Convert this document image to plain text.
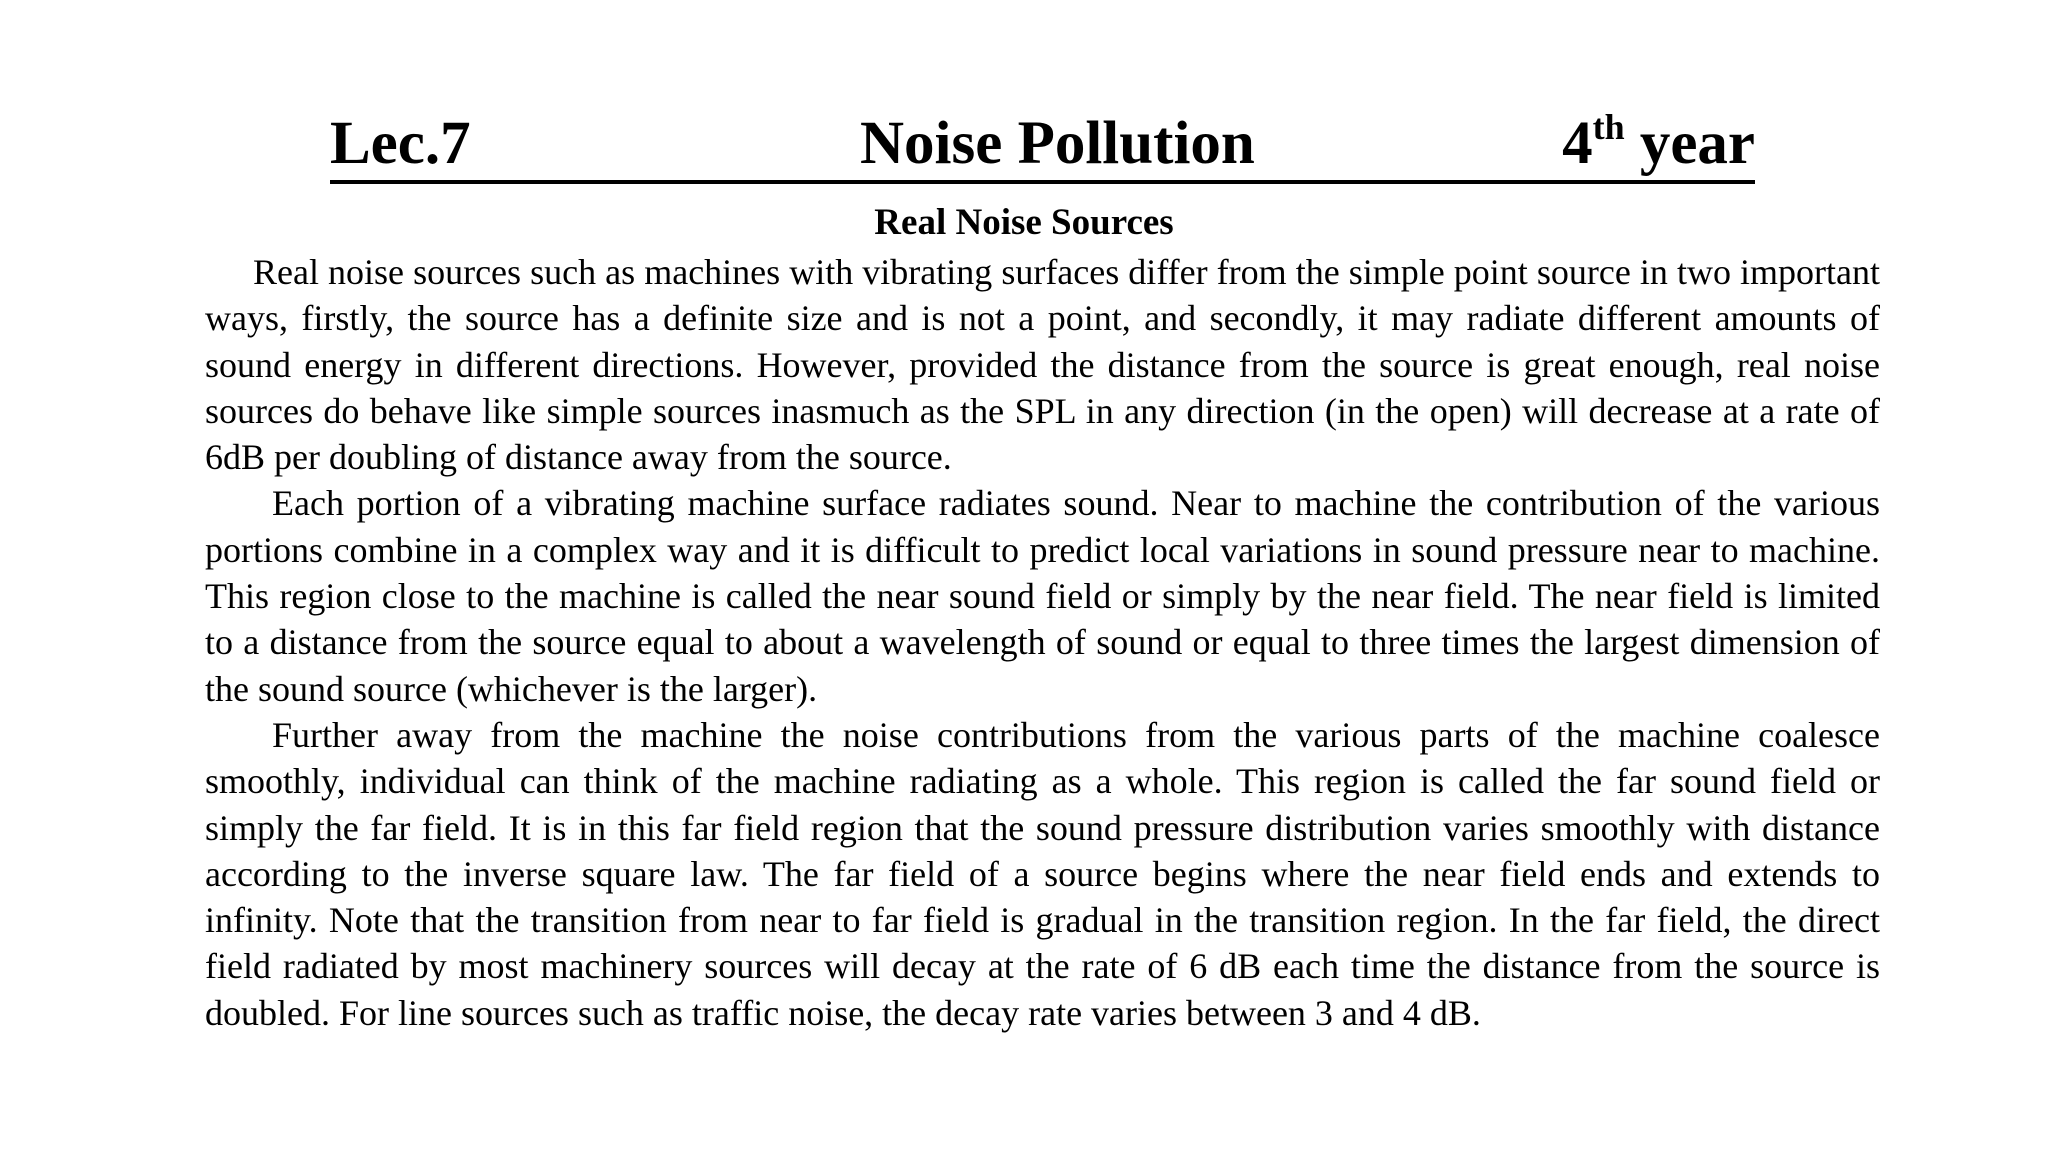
Lec.7	Noise Pollution	4th year
Real Noise Sources

Real noise sources such as machines with vibrating surfaces differ from the simple point source in two important ways, firstly, the source has a definite size and is not a point, and secondly, it may radiate different amounts of sound energy in different directions. However, provided the distance from the source is great enough, real noise sources do behave like simple sources inasmuch as the SPL in any direction (in the open) will decrease at a rate of 6dB per doubling of distance away from the source.

Each portion of a vibrating machine surface radiates sound. Near to machine the contribution of the various portions combine in a complex way and it is difficult to predict local variations in sound pressure near to machine. This region close to the machine is called the near sound field or simply by the near field. The near field is limited to a distance from the source equal to about a wavelength of sound or equal to three times the largest dimension of the sound source (whichever is the larger).

Further away from the machine the noise contributions from the various parts of the machine coalesce smoothly, individual can think of the machine radiating as a whole. This region is called the far sound field or simply the far field. It is in this far field region that the sound pressure distribution varies smoothly with distance according to the inverse square law. The far field of a source begins where the near field ends and extends to infinity. Note that the transition from near to far field is gradual in the transition region. In the far field, the direct field radiated by most machinery sources will decay at the rate of 6 dB each time the distance from the source is doubled. For line sources such as traffic noise, the decay rate varies between 3 and 4 dB.
